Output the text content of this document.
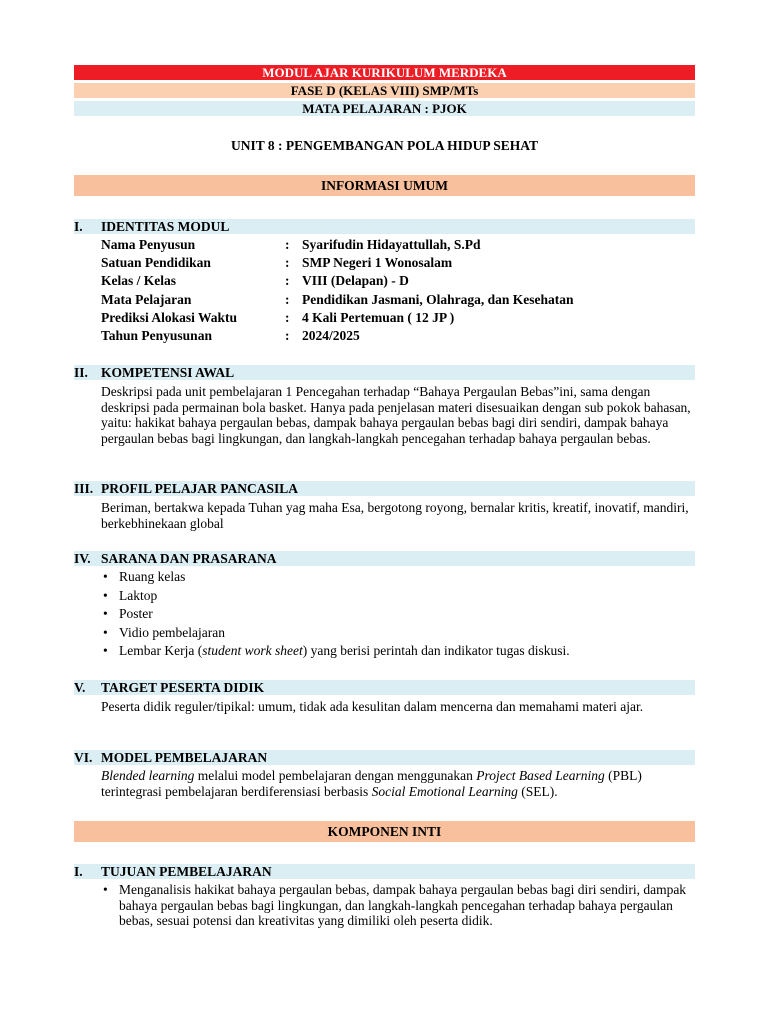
MODUL AJAR KURIKULUM MERDEKA
FASE D (KELAS VIII) SMP/MTs
MATA PELAJARAN : PJOK
UNIT 8 : PENGEMBANGAN POLA HIDUP SEHAT
INFORMASI UMUM
I. IDENTITAS MODUL
Nama Penyusun	: Syarifudin Hidayattullah, S.Pd
Satuan Pendidikan	: SMP Negeri 1 Wonosalam
Kelas / Kelas	: VIII (Delapan) - D
Mata Pelajaran	: Pendidikan Jasmani, Olahraga, dan Kesehatan
Prediksi Alokasi Waktu	: 4 Kali Pertemuan ( 12 JP )
Tahun Penyusunan	: 2024/2025
II. KOMPETENSI AWAL
Deskripsi pada unit pembelajaran 1 Pencegahan terhadap “Bahaya Pergaulan Bebas”ini, sama dengan deskripsi pada permainan bola basket. Hanya pada penjelasan materi disesuaikan dengan sub pokok bahasan, yaitu: hakikat bahaya pergaulan bebas, dampak bahaya pergaulan bebas bagi diri sendiri, dampak bahaya pergaulan bebas bagi lingkungan, dan langkah-langkah pencegahan terhadap bahaya pergaulan bebas.
III. PROFIL PELAJAR PANCASILA
Beriman, bertakwa kepada Tuhan yag maha Esa, bergotong royong, bernalar kritis, kreatif, inovatif, mandiri, berkebhinekaan global
IV. SARANA DAN PRASARANA
• Ruang kelas
• Laktop
• Poster
• Vidio pembelajaran
• Lembar Kerja (student work sheet) yang berisi perintah dan indikator tugas diskusi.
V. TARGET PESERTA DIDIK
Peserta didik reguler/tipikal: umum, tidak ada kesulitan dalam mencerna dan memahami materi ajar.
VI. MODEL PEMBELAJARAN
Blended learning melalui model pembelajaran dengan menggunakan Project Based Learning (PBL) terintegrasi pembelajaran berdiferensiasi berbasis Social Emotional Learning (SEL).
KOMPONEN INTI
I. TUJUAN PEMBELAJARAN
• Menganalisis hakikat bahaya pergaulan bebas, dampak bahaya pergaulan bebas bagi diri sendiri, dampak bahaya pergaulan bebas bagi lingkungan, dan langkah-langkah pencegahan terhadap bahaya pergaulan bebas, sesuai potensi dan kreativitas yang dimiliki oleh peserta didik.
